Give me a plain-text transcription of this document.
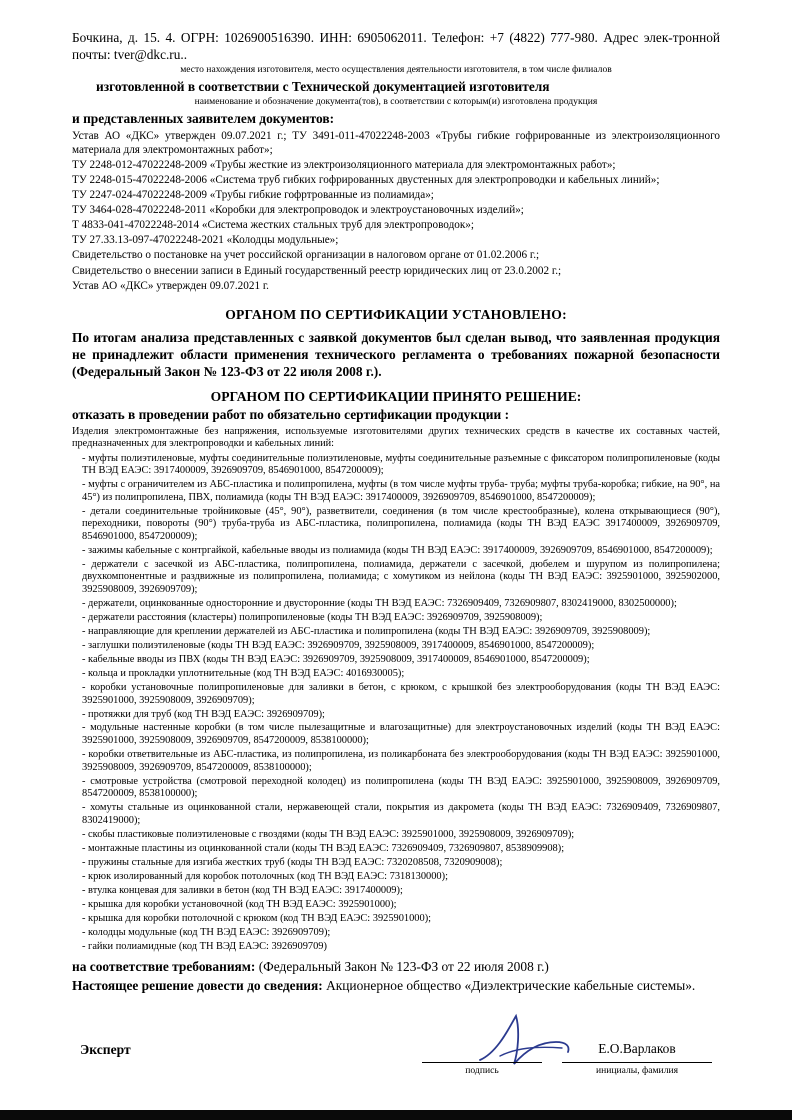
Бочкина, д. 15. 4. ОГРН: 1026900516390. ИНН: 6905062011. Телефон: +7 (4822) 777-980. Адрес элек-тронной почты: tver@dkc.ru..
место нахождения изготовителя, место осуществления деятельности изготовителя, в том числе филиалов
изготовленной в соответствии с Технической документацией изготовителя
наименование и обозначение документа(тов), в соответствии с которым(и) изготовлена продукция
и представленных заявителем документов:
Устав АО «ДКС» утвержден 09.07.2021 г.; ТУ 3491-011-47022248-2003 «Трубы гибкие гофрированные из электроизоляционного материала для электромонтажных работ»;
ТУ 2248-012-47022248-2009 «Трубы жесткие из электроизоляционного материала для электромонтажных работ»;
ТУ 2248-015-47022248-2006 «Система труб гибких гофрированных двустенных для электропроводки и кабельных линий»;
ТУ 2247-024-47022248-2009 «Трубы гибкие гофртрованные из полиамида»;
ТУ 3464-028-47022248-2011 «Коробки для электропроводок и электроустановочных изделий»;
Т 4833-041-47022248-2014 «Система жестких стальных труб для электропроводок»;
ТУ 27.33.13-097-47022248-2021 «Колодцы модульные»;
Свидетельство о постановке на учет российской организации в налоговом органе от 01.02.2006 г.;
Свидетельство о внесении записи в Единый государственный реестр юридических лиц от 23.0.2002 г.;
Устав АО «ДКС» утвержден 09.07.2021 г.
ОРГАНОМ ПО СЕРТИФИКАЦИИ УСТАНОВЛЕНО:
По итогам анализа представленных с заявкой документов был сделан вывод, что заявленная продукция не принадлежит области применения технического регламента о требованиях пожарной безопасности (Федеральный Закон № 123-ФЗ от 22 июля 2008 г.).
ОРГАНОМ ПО СЕРТИФИКАЦИИ ПРИНЯТО РЕШЕНИЕ:
отказать в проведении работ по обязательно сертификации продукции :
Изделия электромонтажные без напряжения, используемые изготовителями других технических средств в качестве их составных частей, предназначенных для электропроводки и кабельных линий:
- муфты полиэтиленовые, муфты соединительные полиэтиленовые, муфты соединительные разъемные с фиксатором полипропиленовые (коды ТН ВЭД ЕАЭС: 3917400009, 3926909709, 8546901000, 8547200009);
- муфты с ограничителем из АБС-пластика и полипропилена, муфты (в том числе муфты труба- труба; муфты труба-коробка; гибкие, на 90°, на 45°) из полипропилена, ПВХ, полиамида (коды ТН ВЭД ЕАЭС: 3917400009, 3926909709, 8546901000, 8547200009);
- детали соединительные тройниковые (45°, 90°), разветвители, соединения (в том числе крестообразные), колена открывающиеся (90°), переходники, повороты (90°) труба-труба из АБС-пластика, полипропилена, полиамида (коды ТН ВЭД ЕАЭС 3917400009, 3926909709, 8546901000, 8547200009);
- зажимы кабельные с контргайкой, кабельные вводы из полиамида (коды ТН ВЭД ЕАЭС: 3917400009, 3926909709, 8546901000, 8547200009);
- держатели с засечкой из АБС-пластика, полипропилена, полиамида, держатели с засечкой, дюбелем и шурупом из полипропилена; двухкомпонентные и раздвижные из полипропилена, полиамида; с хомутиком из нейлона (коды ТН ВЭД ЕАЭС: 3925901000, 3925902000, 3925908009, 3926909709);
- держатели, оцинкованные односторонние и двусторонние (коды ТН ВЭД ЕАЭС: 7326909409, 7326909807, 8302419000, 8302500000);
- держатели расстояния (кластеры) полипропиленовые (коды ТН ВЭД ЕАЭС: 3926909709, 3925908009);
- направляющие для креплении держателей из АБС-пластика и полипропилена (коды ТН ВЭД ЕАЭС: 3926909709, 3925908009);
- заглушки полиэтиленовые (коды ТН ВЭД ЕАЭС: 3926909709, 3925908009, 3917400009, 8546901000, 8547200009);
- кабельные вводы из ПВХ (коды ТН ВЭД ЕАЭС: 3926909709, 3925908009, 3917400009, 8546901000, 8547200009);
- кольца и прокладки уплотнительные (код ТН ВЭД ЕАЭС: 4016930005);
- коробки установочные полипропиленовые для заливки в бетон, с крюком, с крышкой без электрооборудования (коды ТН ВЭД ЕАЭС: 3925901000, 3925908009, 3926909709);
- протяжки для труб (код ТН ВЭД ЕАЭС: 3926909709);
- модульные настенные коробки (в том числе пылезащитные и влагозащитные) для электроустановочных изделий (коды ТН ВЭД ЕАЭС: 3925901000, 3925908009, 3926909709, 8547200009, 8538100000);
- коробки ответвительные из АБС-пластика, из полипропилена, из поликарбоната без электрооборудования (коды ТН ВЭД ЕАЭС: 3925901000, 3925908009, 3926909709, 8547200009, 8538100000);
- смотровые устройства (смотровой переходной колодец) из полипропилена (коды ТН ВЭД ЕАЭС: 3925901000, 3925908009, 3926909709, 8547200009, 8538100000);
- хомуты стальные из оцинкованной стали, нержавеющей стали, покрытия из дакромета (коды ТН ВЭД ЕАЭС: 7326909409, 7326909807, 8302419000);
- скобы пластиковые полиэтиленовые с гвоздями (коды ТН ВЭД ЕАЭС: 3925901000, 3925908009, 3926909709);
- монтажные пластины из оцинкованной стали (коды ТН ВЭД ЕАЭС: 7326909409, 7326909807, 8538909908);
- пружины стальные для изгиба жестких труб (коды ТН ВЭД ЕАЭС: 7320208508, 7320909008);
- крюк изолированный для коробок потолочных (код ТН ВЭД ЕАЭС: 7318130000);
- втулка концевая для заливки в бетон (код ТН ВЭД ЕАЭС: 3917400009);
- крышка для коробки установочной (код ТН ВЭД ЕАЭС: 3925901000);
- крышка для коробки потолочной с крюком (код ТН ВЭД ЕАЭС: 3925901000);
- колодцы модульные (код ТН ВЭД ЕАЭС: 3926909709);
- гайки полиамидные (код ТН ВЭД ЕАЭС: 3926909709)
на соответствие требованиям: (Федеральный Закон № 123-ФЗ от 22 июля 2008 г.)
Настоящее решение довести до сведения: Акционерное общество «Диэлектрические кабельные системы».
Эксперт
подпись
Е.О.Варлаков
инициалы, фамилия
